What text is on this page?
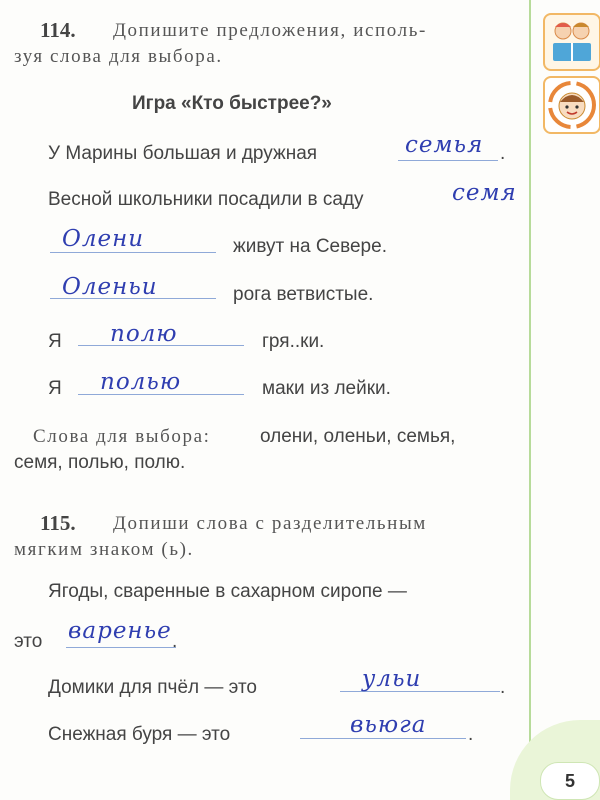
114. Допишите предложения, исполь-
зуя слова для выбора.
Игра «Кто быстрее?»
У Марины большая и дружная	семья .
Весной школьники посадили в саду	семя
Олени	живут на Севере.
Оленьи	рога ветвистые.
Я полю	гря..ки.
Я полью	маки из лейки.
Слова для выбора:	олени, оленьи, семья,
семя, полью, полю.
115. Допиши слова с разделительным
мягким знаком (ь).
Ягоды, сваренные в сахарном сиропе —
это варенье .
Домики для пчёл — это	ульи	.
Снежная буря — это	вьюга .
5
